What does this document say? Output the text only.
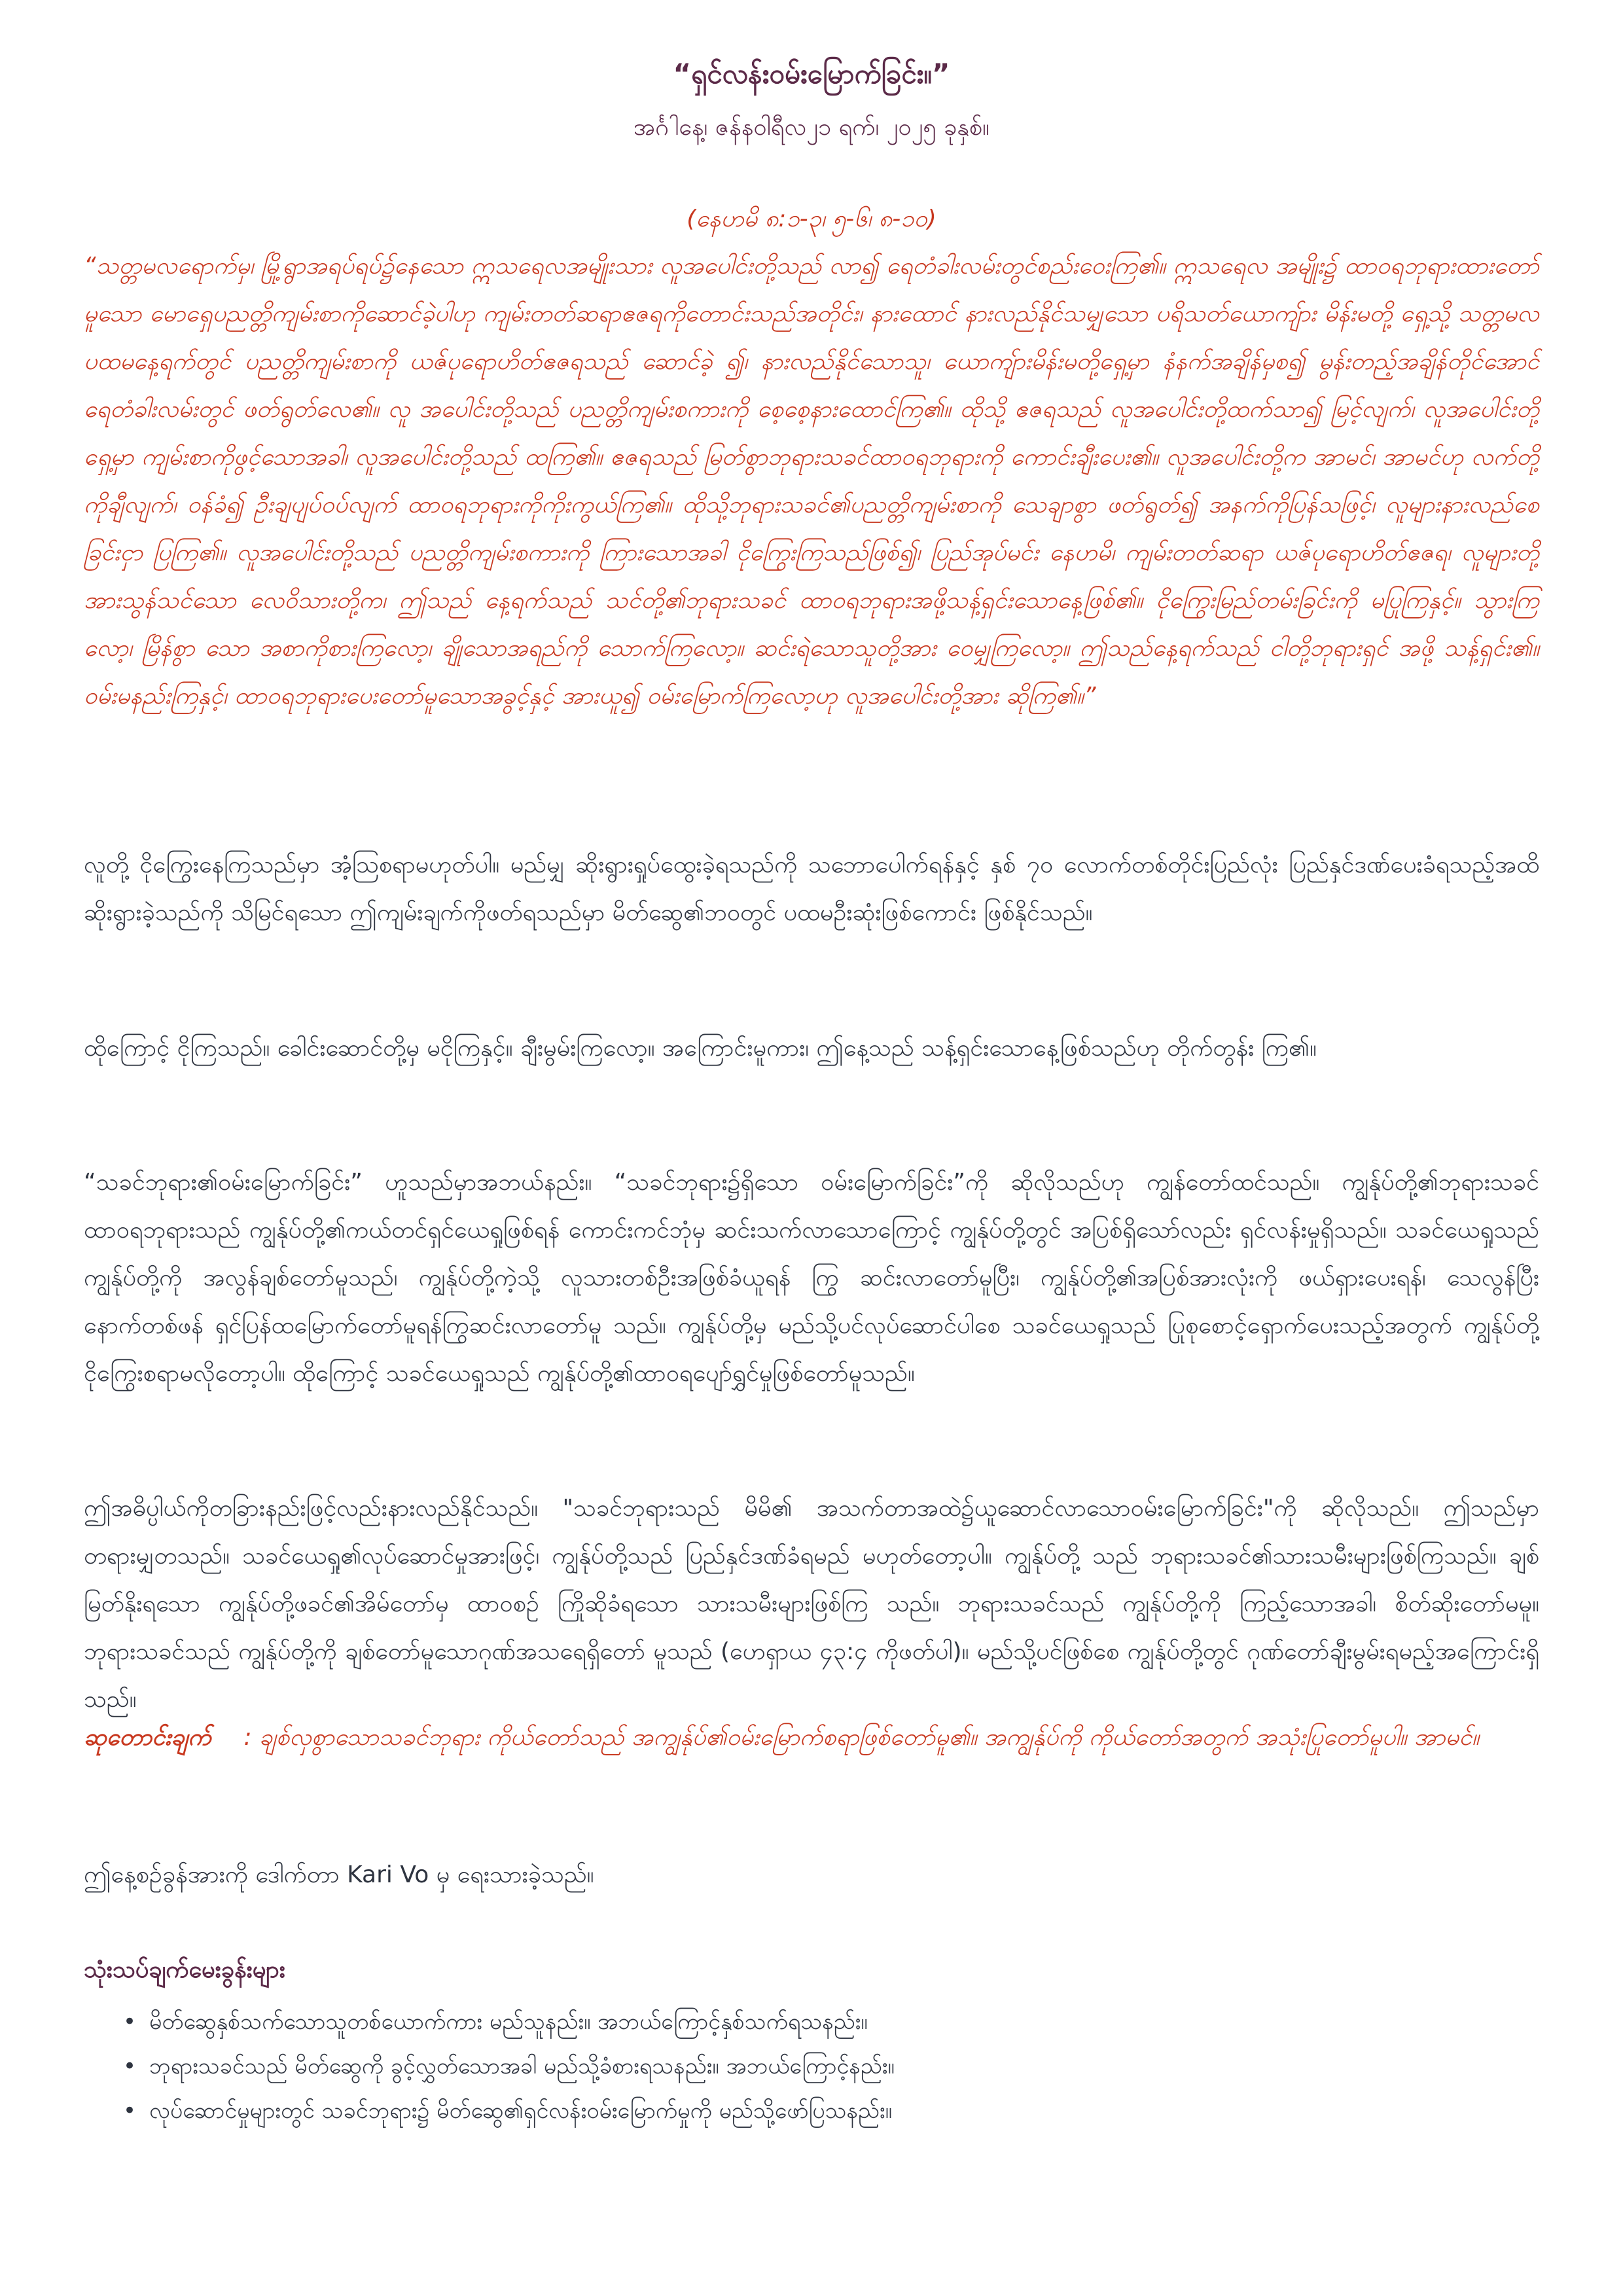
“ရှင်လန်းဝမ်းမြောက်ခြင်း။”
အင်္ဂါနေ့၊ ဇန်နဝါရီလ၂၁ ရက်၊ ၂၀၂၅ ခုနှစ်။
(နေဟမိ ၈:၁-၃၊ ၅-၆၊ ၈-၁၀)
“သတ္တမလရောက်မှ၊ မြို့ရွာအရပ်ရပ်၌နေသော ဣသရေလအမျိုးသား လူအပေါင်းတို့သည် လာ၍ ရေတံခါးလမ်းတွင်စည်းဝေးကြ၏။ ဣသရေလ အမျိုး၌ ထာဝရဘုရားထားတော်မူသော မောရှေပညတ္တိကျမ်းစာကိုဆောင်ခဲ့ပါဟု ကျမ်းတတ်ဆရာဧဇရကိုတောင်းသည်အတိုင်း၊ နားထောင် နားလည်နိုင်သမျှသော ပရိသတ်ယောကျ်ား မိန်းမတို့ ရှေ့သို့ သတ္တမလပထမနေ့ရက်တွင် ပညတ္တိကျမ်းစာကို ယဇ်ပုရောဟိတ်ဧဇရသည် ဆောင်ခဲ့ ၍၊ နားလည်နိုင်သောသူ၊ ယောကျ်ားမိန်းမတို့ရှေ့မှာ နံနက်အချိန်မှစ၍ မွန်းတည့်အချိန်တိုင်အောင် ရေတံခါးလမ်းတွင် ဖတ်ရွတ်လေ၏။ လူ အပေါင်းတို့သည် ပညတ္တိကျမ်းစကားကို စေ့စေ့နားထောင်ကြ၏။ ထိုသို့ ဧဇရသည် လူအပေါင်းတို့ထက်သာ၍ မြင့်လျက်၊ လူအပေါင်းတို့ရှေ့မှာ ကျမ်းစာကိုဖွင့်သောအခါ၊ လူအပေါင်းတို့သည် ထကြ၏။ ဧဇရသည် မြတ်စွာဘုရားသခင်ထာဝရဘုရားကို ကောင်းချီးပေး၏။ လူအပေါင်းတို့က အာမင်၊ အာမင်ဟု လက်တို့ကိုချီလျက်၊ ဝန်ခံ၍ ဦးချပျပ်ဝပ်လျက် ထာဝရဘုရားကိုကိုးကွယ်ကြ၏။ ထိုသို့ဘုရားသခင်၏ပညတ္တိကျမ်းစာကို သေချာစွာ ဖတ်ရွတ်၍ အနက်ကိုပြန်သဖြင့်၊ လူများနားလည်စေခြင်းငှာ ပြကြ၏။ လူအပေါင်းတို့သည် ပညတ္တိကျမ်းစကားကို ကြားသောအခါ ငိုကြွေးကြသည်ဖြစ်၍၊ ပြည်အုပ်မင်း နေဟမိ၊ ကျမ်းတတ်ဆရာ ယဇ်ပုရောဟိတ်ဧဇရ၊ လူများတို့အားသွန်သင်သော လေဝိသားတို့က၊ ဤသည် နေ့ရက်သည် သင်တို့၏ဘုရားသခင် ထာဝရဘုရားအဖို့သန့်ရှင်းသောနေ့ဖြစ်၏။ ငိုကြွေးမြည်တမ်းခြင်းကို မပြုကြနှင့်။ သွားကြလော့၊ မြိန်စွာ သော အစာကိုစားကြလော့၊ ချိုသောအရည်ကို သောက်ကြလော့။ ဆင်းရဲသောသူတို့အား ဝေမျှကြလော့။ ဤသည်နေ့ရက်သည် ငါတို့ဘုရားရှင် အဖို့ သန့်ရှင်း၏။ ဝမ်းမနည်းကြနှင့်၊ ထာဝရဘုရားပေးတော်မူသောအခွင့်နှင့် အားယူ၍ ဝမ်းမြောက်ကြလော့ဟု လူအပေါင်းတို့အား ဆိုကြ၏။”
လူတို့ ငိုကြွေးနေကြသည်မှာ အံ့ဩစရာမဟုတ်ပါ။ မည်မျှ ဆိုးရွားရှုပ်ထွေးခဲ့ရသည်ကို သဘောပေါက်ရန်နှင့် နှစ် ၇၀ လောက်တစ်တိုင်းပြည်လုံး ပြည်နှင်ဒဏ်ပေးခံရသည့်အထိ ဆိုးရွားခဲ့သည်ကို သိမြင်ရသော ဤကျမ်းချက်ကိုဖတ်ရသည်မှာ မိတ်ဆွေ၏ဘဝတွင် ပထမဦးဆုံးဖြစ်ကောင်း ဖြစ်နိုင်သည်။
ထိုကြောင့် ငိုကြသည်။ ခေါင်းဆောင်တို့မှ မငိုကြနှင့်။ ချီးမွမ်းကြလော့။ အကြောင်းမူကား၊ ဤနေ့သည် သန့်ရှင်းသောနေ့ဖြစ်သည်ဟု တိုက်တွန်း ကြ၏။
“သခင်ဘုရား၏ဝမ်းမြောက်ခြင်း” ဟူသည်မှာအဘယ်နည်း။ “သခင်ဘုရား၌ရှိသော ဝမ်းမြောက်ခြင်း”ကို ဆိုလိုသည်ဟု ကျွန်တော်ထင်သည်။ ကျွန်ုပ်တို့၏ဘုရားသခင် ထာဝရဘုရားသည် ကျွန်ုပ်တို့၏ကယ်တင်ရှင်ယေရှုဖြစ်ရန် ကောင်းကင်ဘုံမှ ဆင်းသက်လာသောကြောင့် ကျွန်ုပ်တို့တွင် အပြစ်ရှိသော်လည်း ရှင်လန်းမှုရှိသည်။ သခင်ယေရှုသည် ကျွန်ုပ်တို့ကို အလွန်ချစ်တော်မူသည်၊ ကျွန်ုပ်တို့ကဲ့သို့ လူသားတစ်ဦးအဖြစ်ခံယူရန် ကြွ ဆင်းလာတော်မူပြီး၊ ကျွန်ုပ်တို့၏အပြစ်အားလုံးကို ဖယ်ရှားပေးရန်၊ သေလွန်ပြီးနောက်တစ်ဖန် ရှင်ပြန်ထမြောက်တော်မူရန်ကြွဆင်းလာတော်မူ သည်။ ကျွန်ုပ်တို့မှ မည်သို့ပင်လုပ်ဆောင်ပါစေ သခင်ယေရှုသည် ပြုစုစောင့်ရှောက်ပေးသည့်အတွက် ကျွန်ုပ်တို့ငိုကြွေးစရာမလိုတော့ပါ။ ထိုကြောင့် သခင်ယေရှုသည် ကျွန်ုပ်တို့၏ထာဝရပျော်ရွှင်မှုဖြစ်တော်မူသည်။
ဤအဓိပ္ပါယ်ကိုတခြားနည်းဖြင့်လည်းနားလည်နိုင်သည်။ "သခင်ဘုရားသည် မိမိ၏ အသက်တာအထဲ၌ယူဆောင်လာသောဝမ်းမြောက်ခြင်း"ကို ဆိုလိုသည်။ ဤသည်မှာ တရားမျှတသည်။ သခင်ယေရှု၏လုပ်ဆောင်မှုအားဖြင့်၊ ကျွန်ုပ်တို့သည် ပြည်နှင်ဒဏ်ခံရမည် မဟုတ်တော့ပါ။ ကျွန်ုပ်တို့ သည် ဘုရားသခင်၏သားသမီးများဖြစ်ကြသည်။ ချစ်မြတ်နိုးရသော ကျွန်ုပ်တို့ဖခင်၏အိမ်တော်မှ ထာဝစဉ် ကြိုဆိုခံရသော သားသမီးများဖြစ်ကြ သည်။ ဘုရားသခင်သည် ကျွန်ုပ်တို့ကို ကြည့်သောအခါ၊ စိတ်ဆိုးတော်မမူ။ ဘုရားသခင်သည် ကျွန်ုပ်တို့ကို ချစ်တော်မူသောဂုဏ်အသရေရှိတော် မူသည် (ဟေရှာယ ၄၃:၄ ကိုဖတ်ပါ)။ မည်သို့ပင်ဖြစ်စေ ကျွန်ုပ်တို့တွင် ဂုဏ်တော်ချီးမွမ်းရမည့်အကြောင်းရှိသည်။
ဆုတောင်းချက် : ချစ်လှစွာသောသခင်ဘုရား ကိုယ်တော်သည် အကျွန်ုပ်၏ဝမ်းမြောက်စရာဖြစ်တော်မူ၏။ အကျွန်ုပ်ကို ကိုယ်တော်အတွက် အသုံးပြုတော်မူပါ။ အာမင်။
ဤနေ့စဉ်ခွန်အားကို ဒေါက်တာ Kari Vo မှ ရေးသားခဲ့သည်။
သုံးသပ်ချက်မေးခွန်းများ
• မိတ်ဆွေနှစ်သက်သောသူတစ်ယောက်ကား မည်သူနည်း။ အဘယ်ကြောင့်နှစ်သက်ရသနည်း။
• ဘုရားသခင်သည် မိတ်ဆွေကို ခွင့်လွှတ်သောအခါ မည်သို့ခံစားရသနည်း။ အဘယ်ကြောင့်နည်း။
• လုပ်ဆောင်မှုများတွင် သခင်ဘုရား၌ မိတ်ဆွေ၏ရှင်လန်းဝမ်းမြောက်မှုကို မည်သို့ဖော်ပြသနည်း။
